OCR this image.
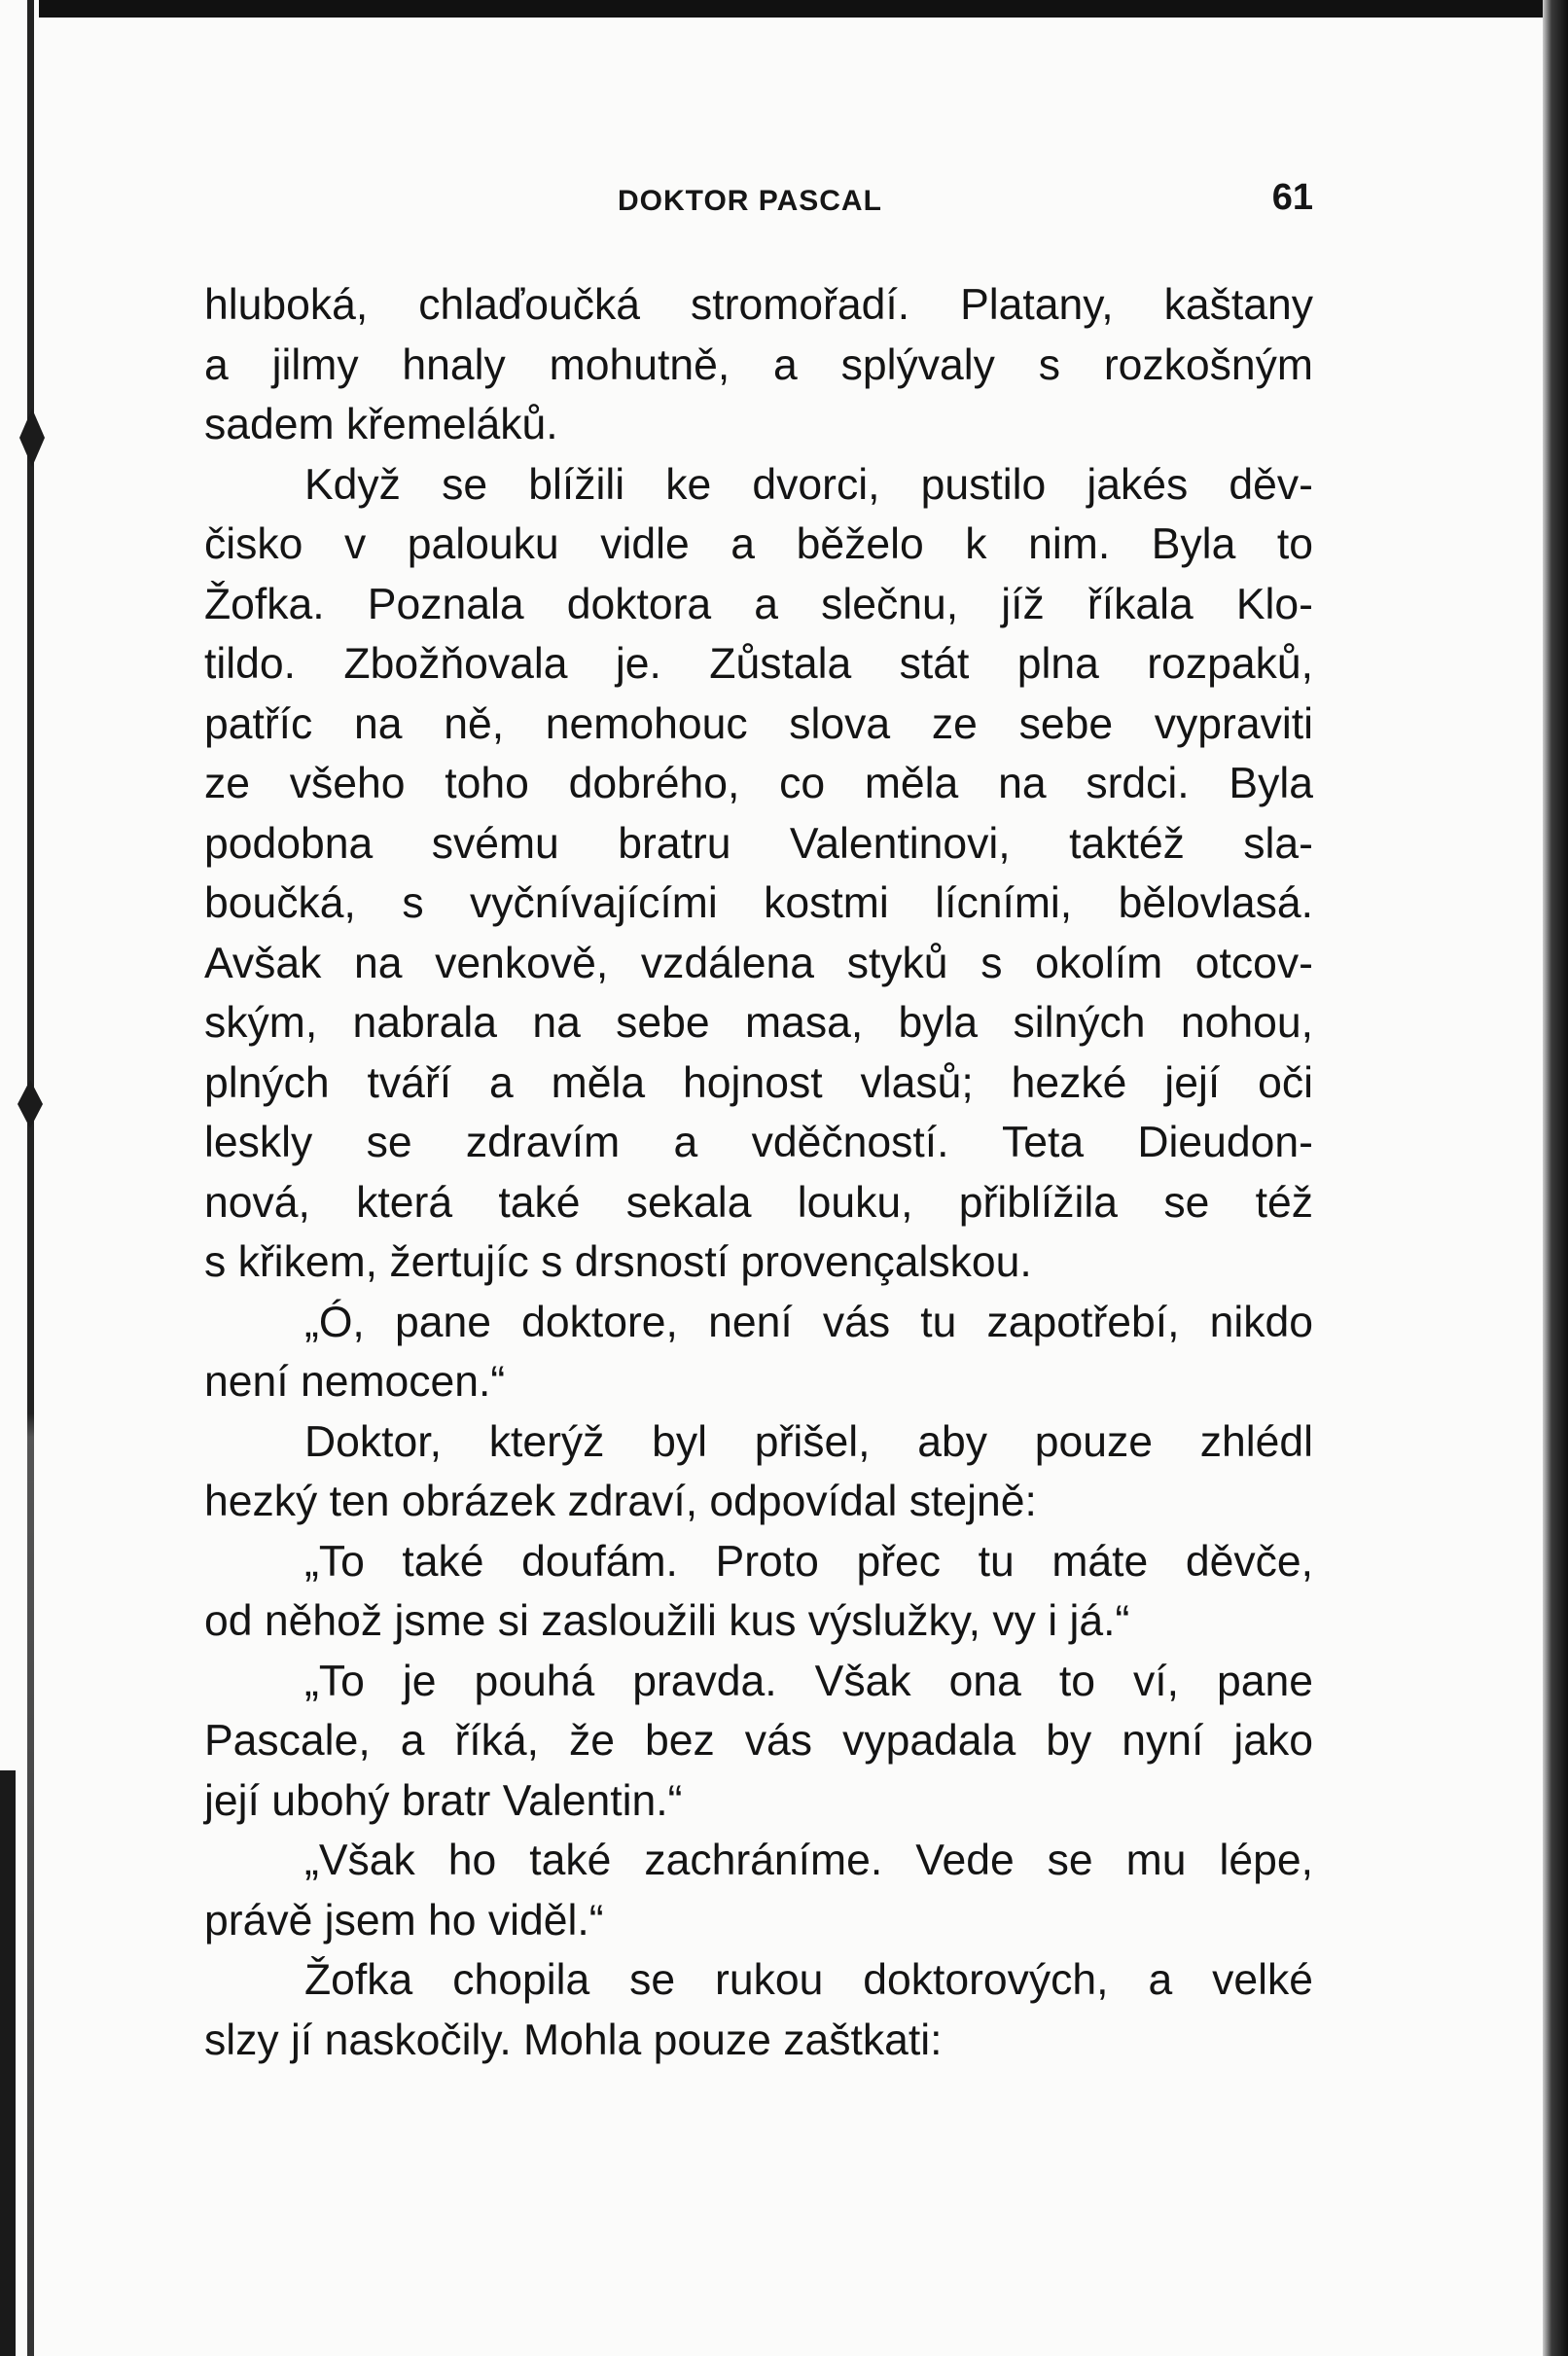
DOKTOR PASCAL	61
hluboká, chlaďoučká stromořadí. Platany, kaštany
a jilmy hnaly mohutně, a splývaly s rozkošným
sadem křemeláků.
Když se blížili ke dvorci, pustilo jakés děv-
čisko v palouku vidle a běželo k nim. Byla to
Žofka. Poznala doktora a slečnu, jíž říkala Klo-
tildo. Zbožňovala je. Zůstala stát plna rozpaků,
patříc na ně, nemohouc slova ze sebe vypraviti
ze všeho toho dobrého, co měla na srdci. Byla
podobna svému bratru Valentinovi, taktéž sla-
boučká, s vyčnívajícími kostmi lícními, bělovlasá.
Avšak na venkově, vzdálena styků s okolím otcov-
ským, nabrala na sebe masa, byla silných nohou,
plných tváří a měla hojnost vlasů; hezké její oči
leskly se zdravím a vděčností. Teta Dieudon-
nová, která také sekala louku, přiblížila se též
s křikem, žertujíc s drsností provençalskou.
„Ó, pane doktore, není vás tu zapotřebí, nikdo
není nemocen.“
Doktor, kterýž byl přišel, aby pouze zhlédl
hezký ten obrázek zdraví, odpovídal stejně:
„To také doufám. Proto přec tu máte děvče,
od něhož jsme si zasloužili kus výslužky, vy i já.“
„To je pouhá pravda. Však ona to ví, pane
Pascale, a říká, že bez vás vypadala by nyní jako
její ubohý bratr Valentin.“
„Však ho také zachráníme. Vede se mu lépe,
právě jsem ho viděl.“
Žofka chopila se rukou doktorových, a velké
slzy jí naskočily. Mohla pouze zaštkati:
